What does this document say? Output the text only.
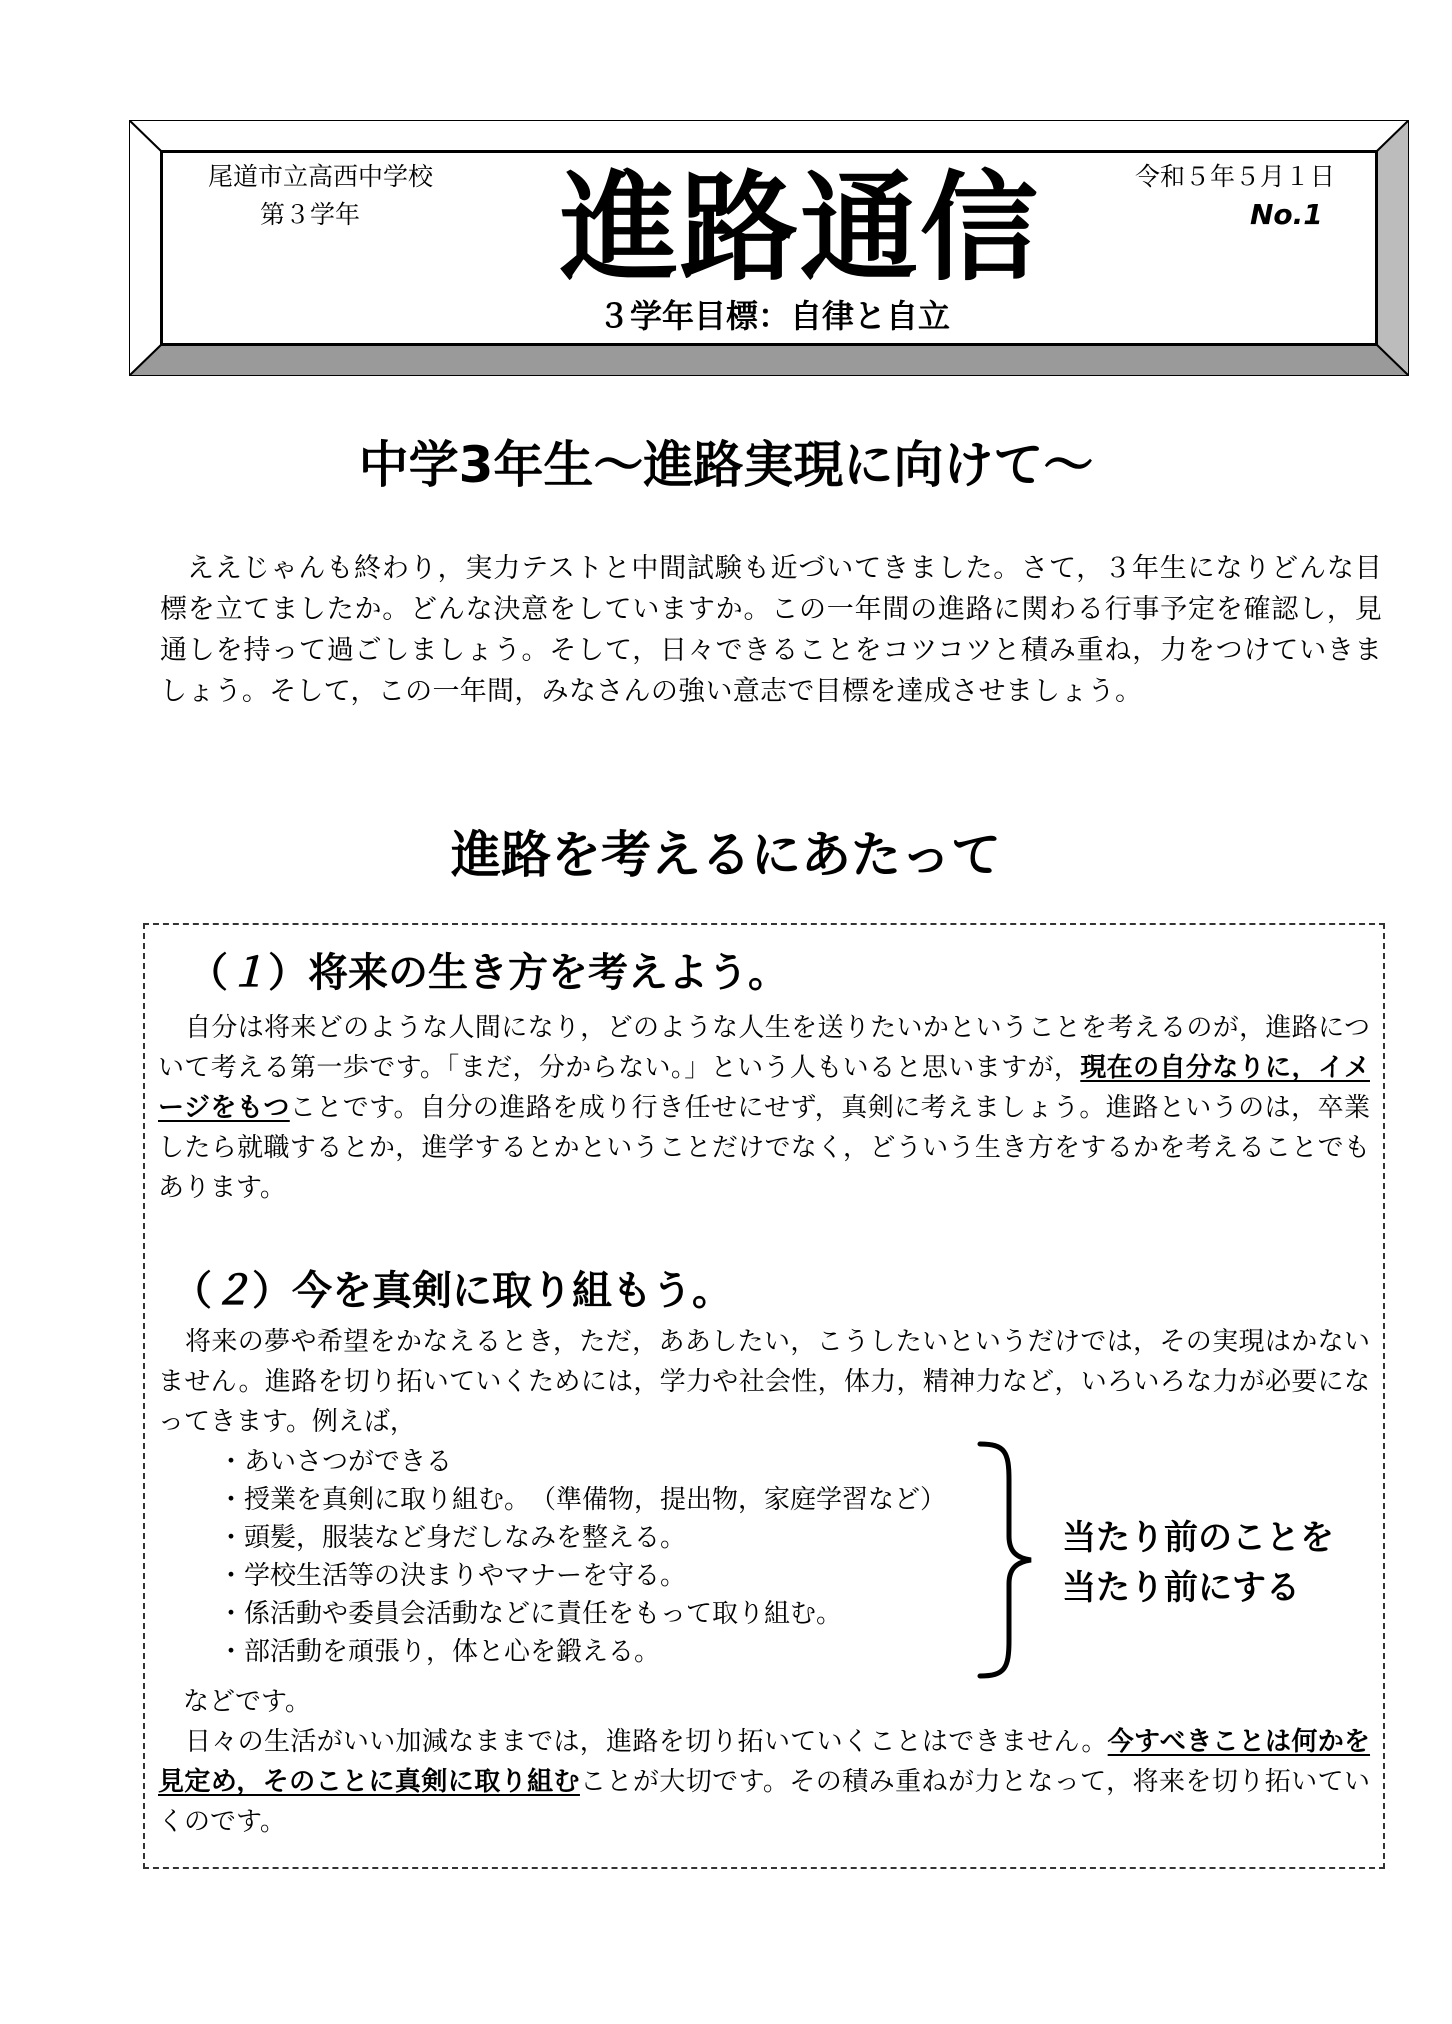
尾道市立高西中学校
第３学年
令和５年５月１日
No.1
進路通信
３学年目標：自律と自立
中学3年生～進路実現に向けて～

ええじゃんも終わり，実力テストと中間試験も近づいてきました。さて，３年生になりどんな目標を立てましたか。どんな決意をしていますか。この一年間の進路に関わる行事予定を確認し，見通しを持って過ごしましょう。そして，日々できることをコツコツと積み重ね，力をつけていきましょう。そして，この一年間，みなさんの強い意志で目標を達成させましょう。

進路を考えるにあたって
（１）将来の生き方を考えよう。

自分は将来どのような人間になり，どのような人生を送りたいかということを考えるのが，進路について考える第一歩です。「まだ，分からない。」という人もいると思いますが，現在の自分なりに，イメージをもつことです。自分の進路を成り行き任せにせず，真剣に考えましょう。進路というのは，卒業したら就職するとか，進学するとかということだけでなく，どういう生き方をするかを考えることでもあります。

（２）今を真剣に取り組もう。

将来の夢や希望をかなえるとき，ただ，ああしたい，こうしたいというだけでは，その実現はかないません。進路を切り拓いていくためには，学力や社会性，体力，精神力など，いろいろな力が必要になってきます。例えば，

・あいさつができる
・授業を真剣に取り組む。　（準備物，提出物，家庭学習など）
・頭髪，服装など身だしなみを整える。
・学校生活等の決まりやマナーを守る。
・係活動や委員会活動などに責任をもって取り組む。
・部活動を頑張り，体と心を鍛える。
当たり前のことを
当たり前にする
などです。

日々の生活がいい加減なままでは，進路を切り拓いていくことはできません。今すべきことは何かを見定め，そのことに真剣に取り組むことが大切です。その積み重ねが力となって，将来を切り拓いていくのです。
